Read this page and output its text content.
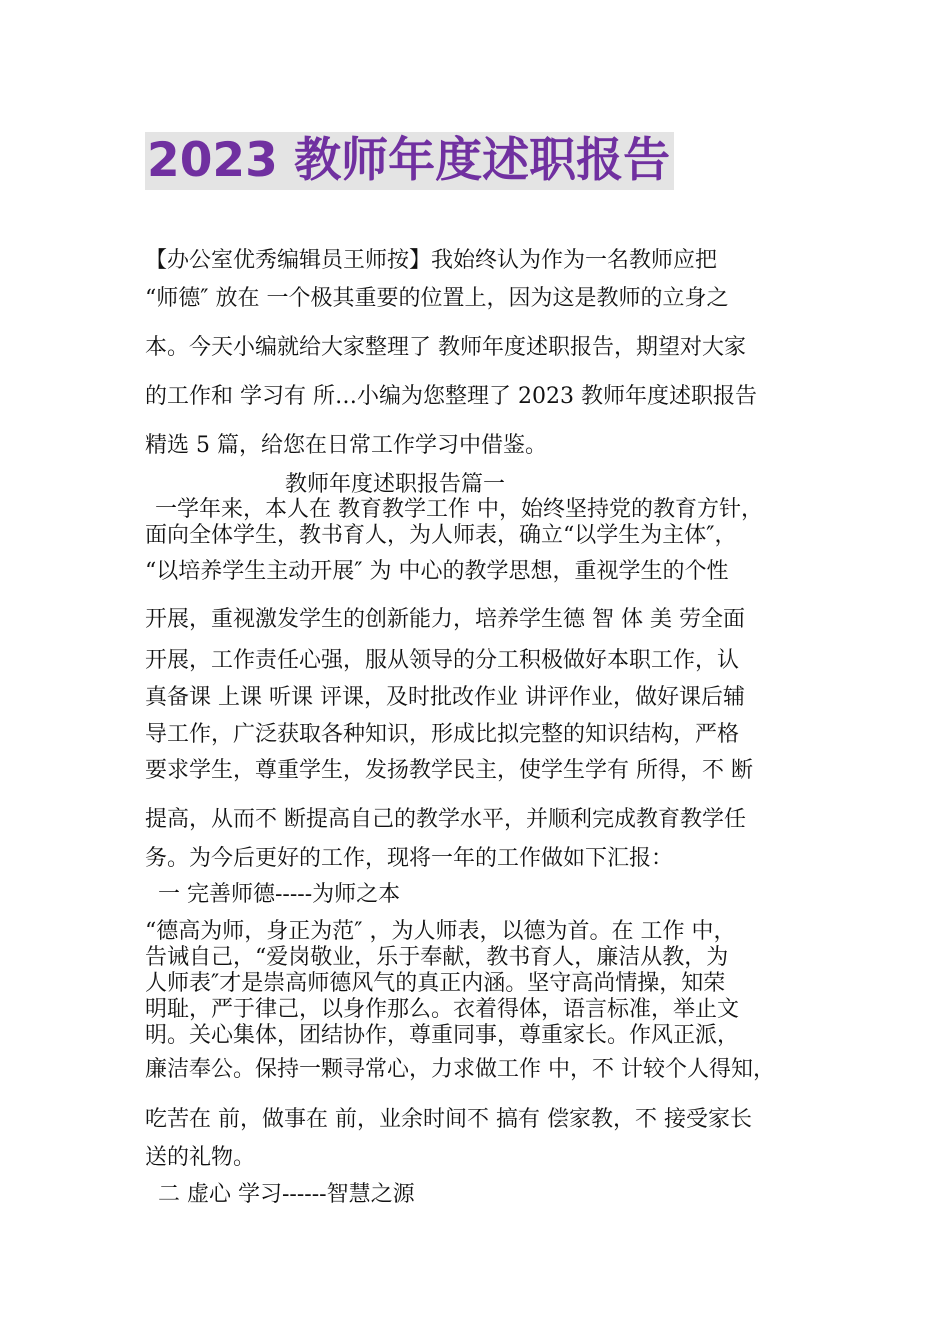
2023 教师年度述职报告
【办公室优秀编辑员王师按】我始终认为作为一名教师应把
“师德″ 放在 一个极其重要的位置上，因为这是教师的立身之
本。今天小编就给大家整理了 教师年度述职报告，期望对大家
的工作和 学习有 所…小编为您整理了 2023 教师年度述职报告
精选 5 篇，给您在日常工作学习中借鉴。
教师年度述职报告篇一
一学年来，本人在 教育教学工作 中，始终坚持党的教育方针，
面向全体学生，教书育人，为人师表，确立“以学生为主体″，
“以培养学生主动开展″ 为 中心的教学思想，重视学生的个性
开展，重视激发学生的创新能力，培养学生德 智 体 美 劳全面
开展，工作责任心强，服从领导的分工积极做好本职工作，认
真备课 上课 听课 评课，及时批改作业 讲评作业，做好课后辅
导工作，广泛获取各种知识，形成比拟完整的知识结构，严格
要求学生，尊重学生，发扬教学民主，使学生学有 所得，不 断
提高，从而不 断提高自己的教学水平，并顺利完成教育教学任
务。为今后更好的工作，现将一年的工作做如下汇报：
一 完善师德-----为师之本
“德高为师，身正为范″ ，为人师表，以德为首。在 工作 中，
告诫自己，“爱岗敬业，乐于奉献，教书育人，廉洁从教，为
人师表″才是崇高师德风气的真正内涵。坚守高尚情操，知荣
明耻，严于律己，以身作那么。衣着得体，语言标准，举止文
明。关心集体，团结协作，尊重同事，尊重家长。作风正派，
廉洁奉公。保持一颗寻常心，力求做工作 中，不 计较个人得知，
吃苦在 前，做事在 前，业余时间不 搞有 偿家教，不 接受家长
送的礼物。
二 虚心 学习------智慧之源
